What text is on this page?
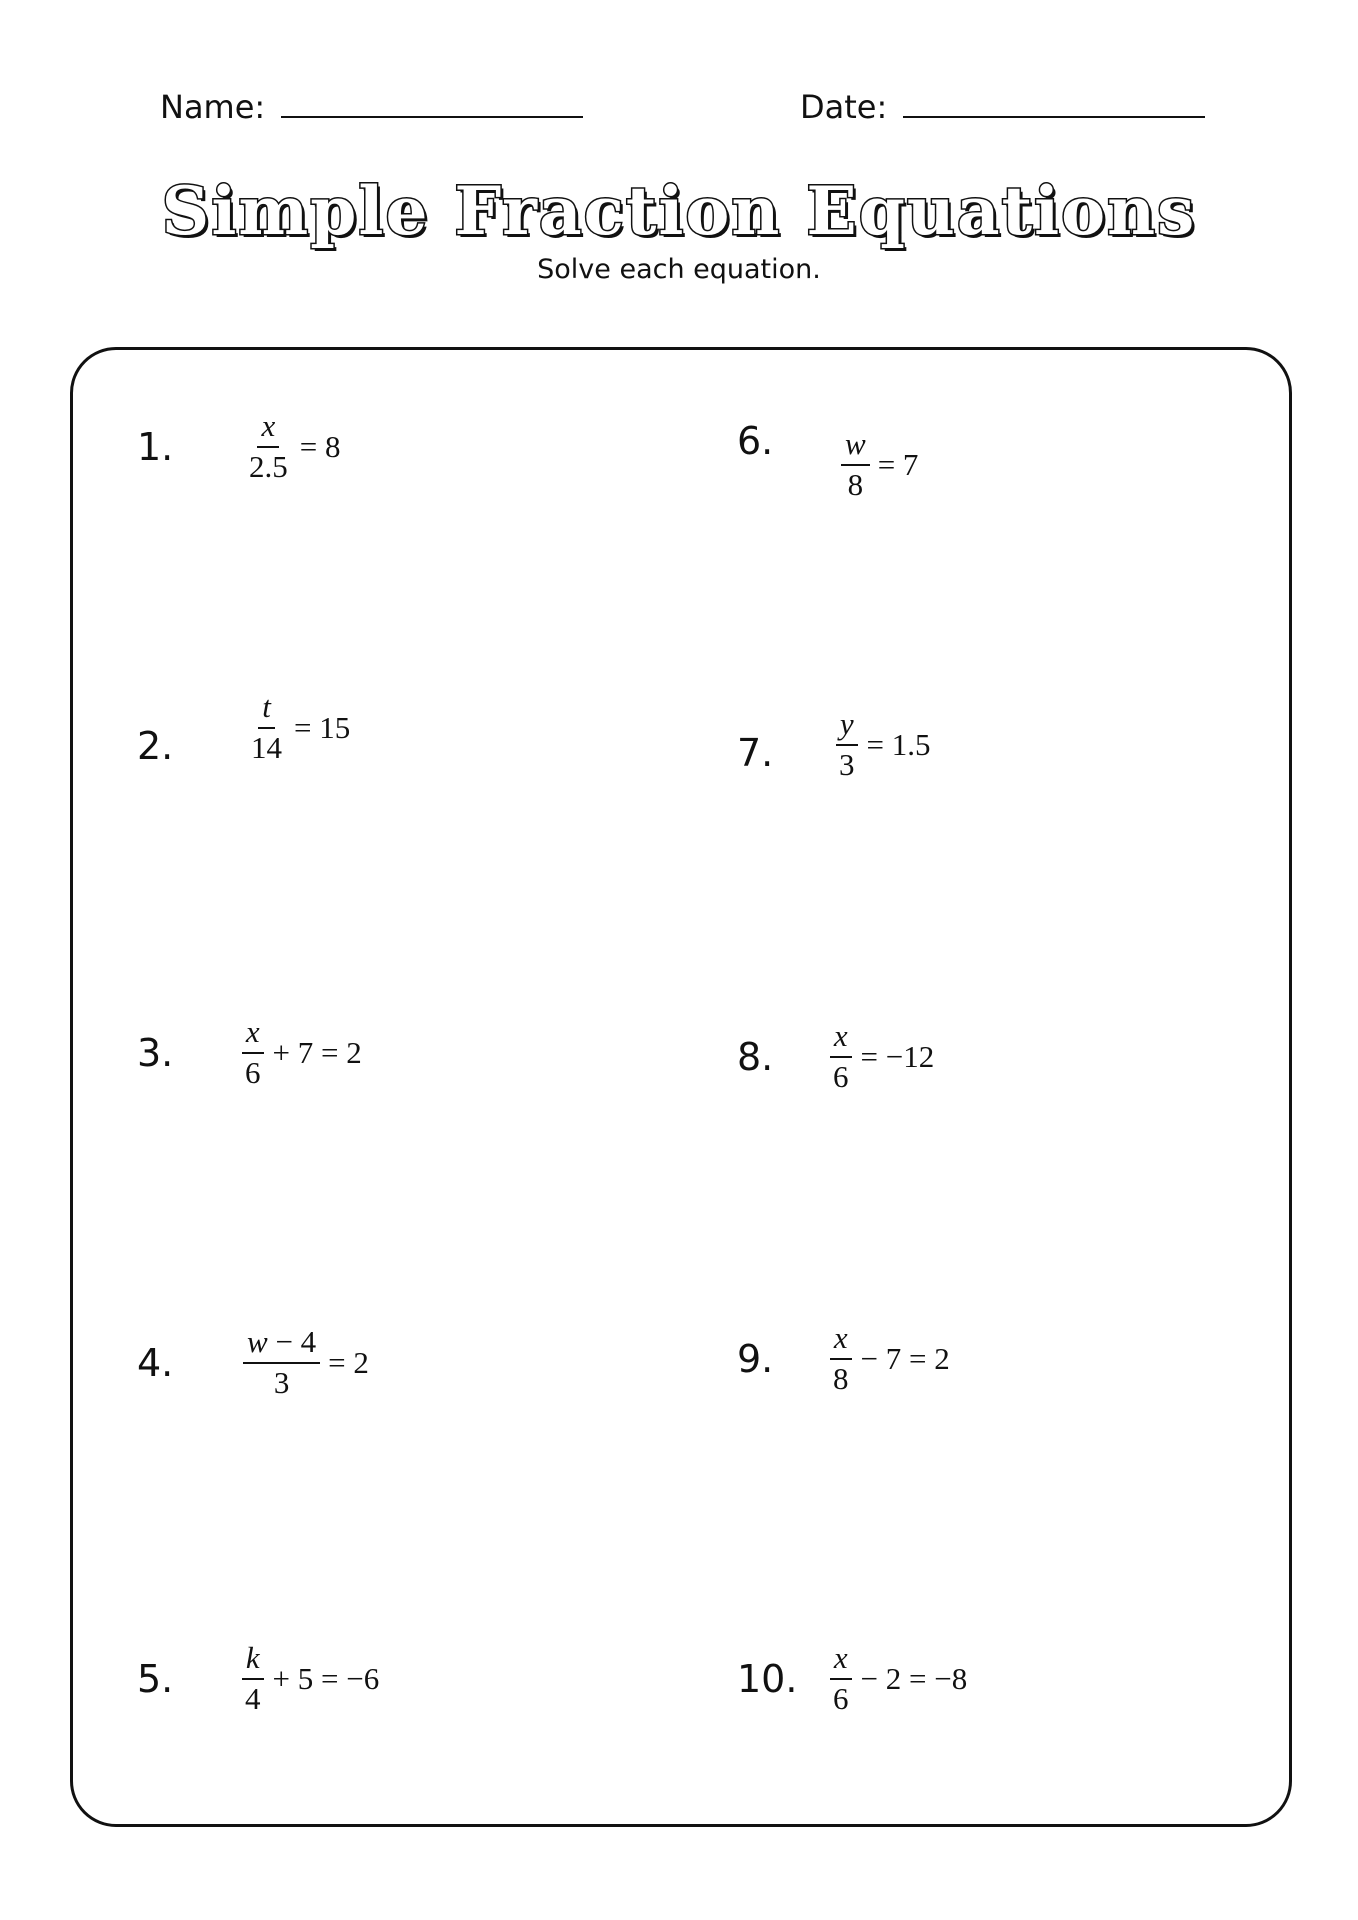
Name:	Date:
Simple Fraction Equations
Solve each equation.
1.	$\frac{x}{2.5} = 8$
2.	$\frac{t}{14} = 15$
3.	$\frac{x}{6} + 7 = 2$
4.	$\frac{w - 4}{3} = 2$
5.	$\frac{k}{4} + 5 = -6$
6.	$\frac{w}{8} = 7$
7.	$\frac{y}{3} = 1.5$
8.	$\frac{x}{6} = -12$
9.	$\frac{x}{8} - 7 = 2$
10.	$\frac{x}{6} - 2 = -8$
